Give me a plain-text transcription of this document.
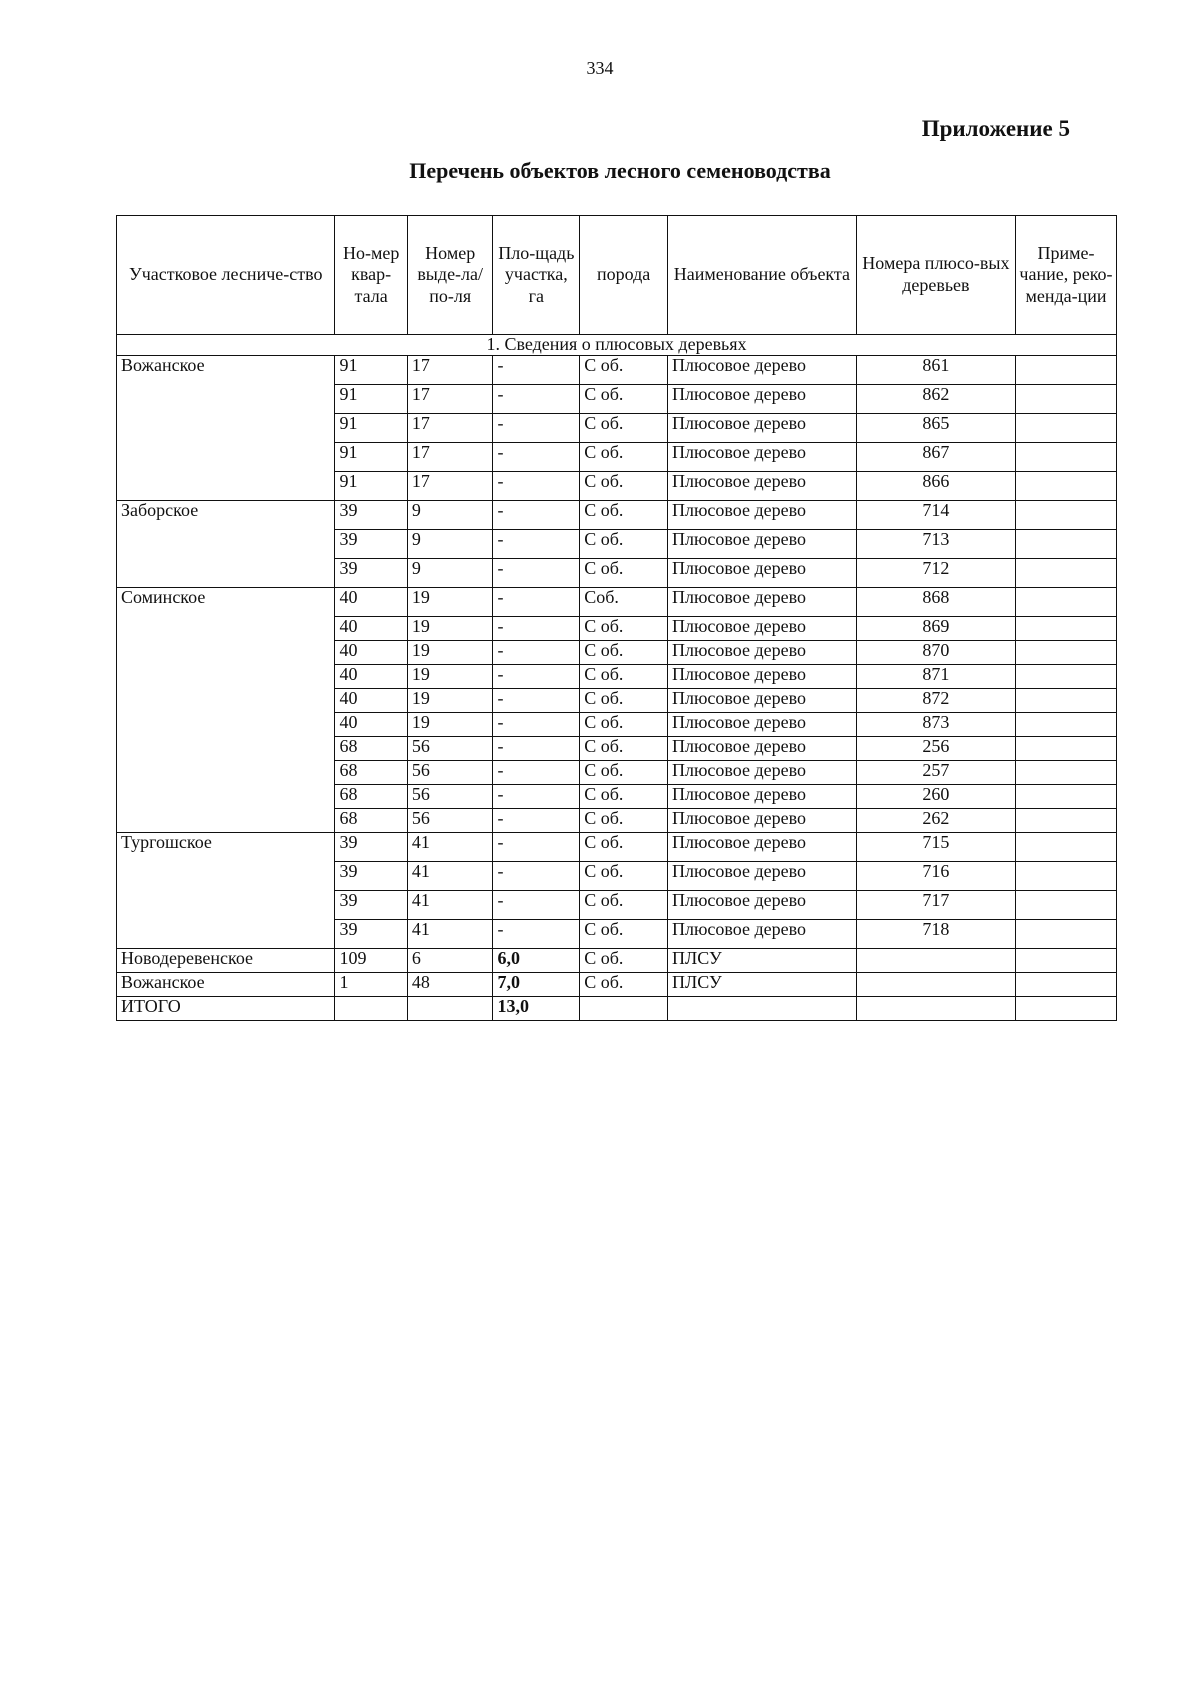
334
Приложение 5
Перечень объектов лесного семеноводства
Участковое лесниче-ство	Но-мер квар-тала	Номер выде-ла/ по-ля	Пло-щадь участка, га	порода	Наименование объекта	Номера плюсо-вых деревьев	Приме-чание, реко-менда-ции
1. Сведения о плюсовых деревьях							
Вожанское	91	17	-	С об.	Плюсовое дерево	861	
	91	17	-	С об.	Плюсовое дерево	862	
	91	17	-	С об.	Плюсовое дерево	865	
	91	17	-	С об.	Плюсовое дерево	867	
	91	17	-	С об.	Плюсовое дерево	866	
Заборское	39	9	-	С об.	Плюсовое дерево	714	
	39	9	-	С об.	Плюсовое дерево	713	
	39	9	-	С об.	Плюсовое дерево	712	
Соминское	40	19	-	Соб.	Плюсовое дерево	868	
	40	19	-	С об.	Плюсовое дерево	869	
	40	19	-	С об.	Плюсовое дерево	870	
	40	19	-	С об.	Плюсовое дерево	871	
	40	19	-	С об.	Плюсовое дерево	872	
	40	19	-	С об.	Плюсовое дерево	873	
	68	56	-	С об.	Плюсовое дерево	256	
	68	56	-	С об.	Плюсовое дерево	257	
	68	56	-	С об.	Плюсовое дерево	260	
	68	56	-	С об.	Плюсовое дерево	262	
Тургошское	39	41	-	С об.	Плюсовое дерево	715	
	39	41	-	С об.	Плюсовое дерево	716	
	39	41	-	С об.	Плюсовое дерево	717	
	39	41	-	С об.	Плюсовое дерево	718	
Новодеревенское	109	6	6,0	С об.	ПЛСУ		
Вожанское	1	48	7,0	С об.	ПЛСУ		
ИТОГО			13,0				
